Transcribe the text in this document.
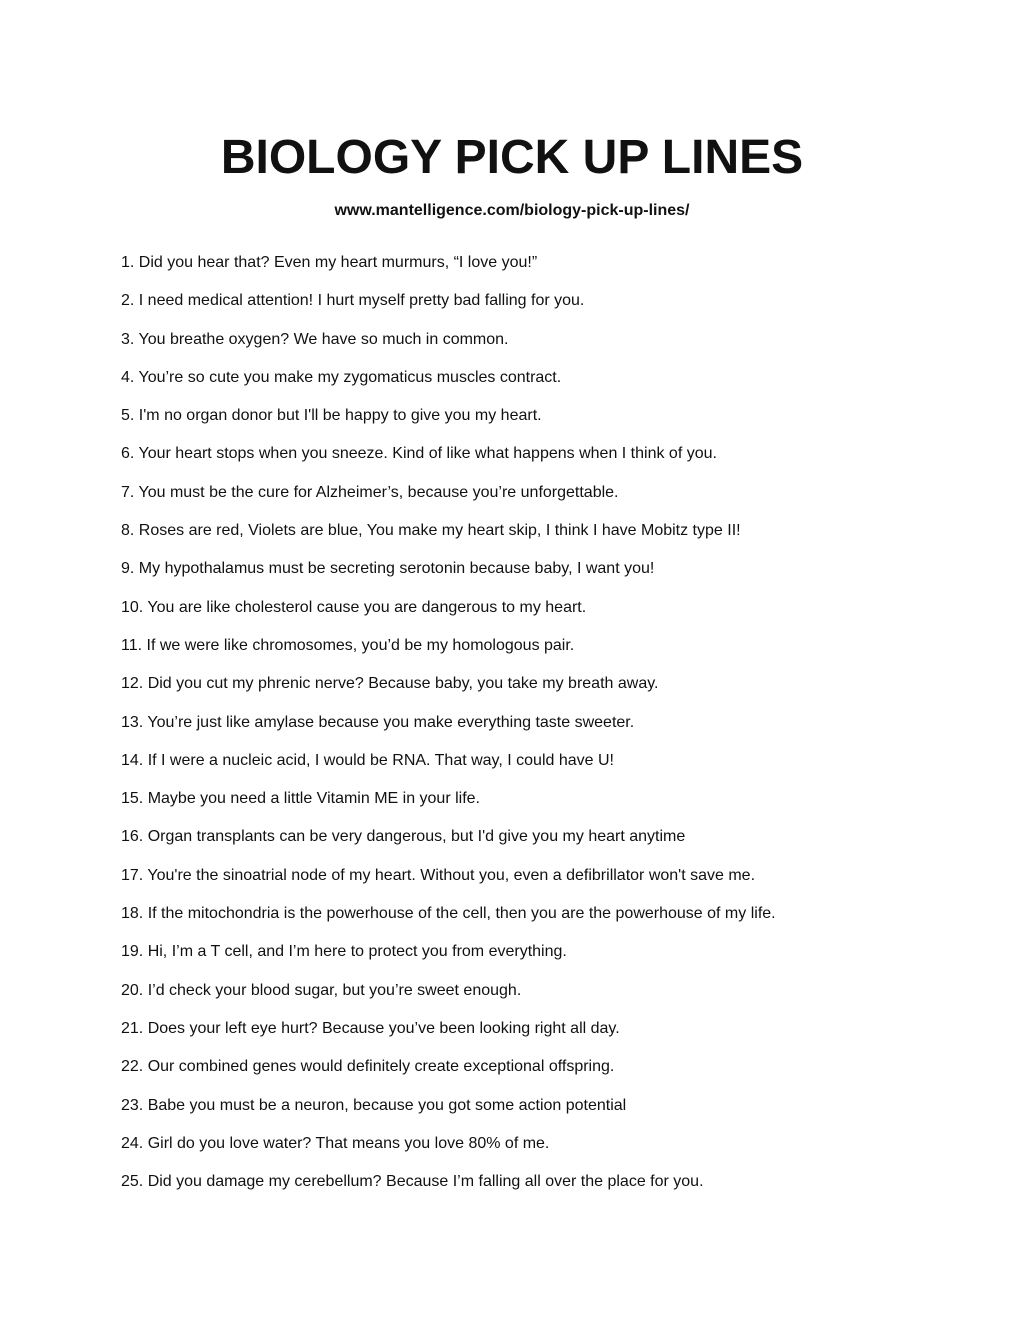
BIOLOGY PICK UP LINES
www.mantelligence.com/biology-pick-up-lines/
1. Did you hear that? Even my heart murmurs, “I love you!”
2. I need medical attention! I hurt myself pretty bad falling for you.
3. You breathe oxygen? We have so much in common.
4. You’re so cute you make my zygomaticus muscles contract.
5. I'm no organ donor but I'll be happy to give you my heart.
6. Your heart stops when you sneeze. Kind of like what happens when I think of you.
7. You must be the cure for Alzheimer’s, because you’re unforgettable.
8. Roses are red, Violets are blue, You make my heart skip, I think I have Mobitz type II!
9. My hypothalamus must be secreting serotonin because baby, I want you!
10. You are like cholesterol cause you are dangerous to my heart.
11. If we were like chromosomes, you’d be my homologous pair.
12. Did you cut my phrenic nerve? Because baby, you take my breath away.
13. You’re just like amylase because you make everything taste sweeter.
14. If I were a nucleic acid, I would be RNA. That way, I could have U!
15. Maybe you need a little Vitamin ME in your life.
16. Organ transplants can be very dangerous, but I'd give you my heart anytime
17. You're the sinoatrial node of my heart. Without you, even a defibrillator won't save me.
18. If the mitochondria is the powerhouse of the cell, then you are the powerhouse of my life.
19. Hi, I’m a T cell, and I’m here to protect you from everything.
20. I’d check your blood sugar, but you’re sweet enough.
21. Does your left eye hurt? Because you’ve been looking right all day.
22. Our combined genes would definitely create exceptional offspring.
23. Babe you must be a neuron, because you got some action potential
24. Girl do you love water? That means you love 80% of me.
25. Did you damage my cerebellum? Because I’m falling all over the place for you.
